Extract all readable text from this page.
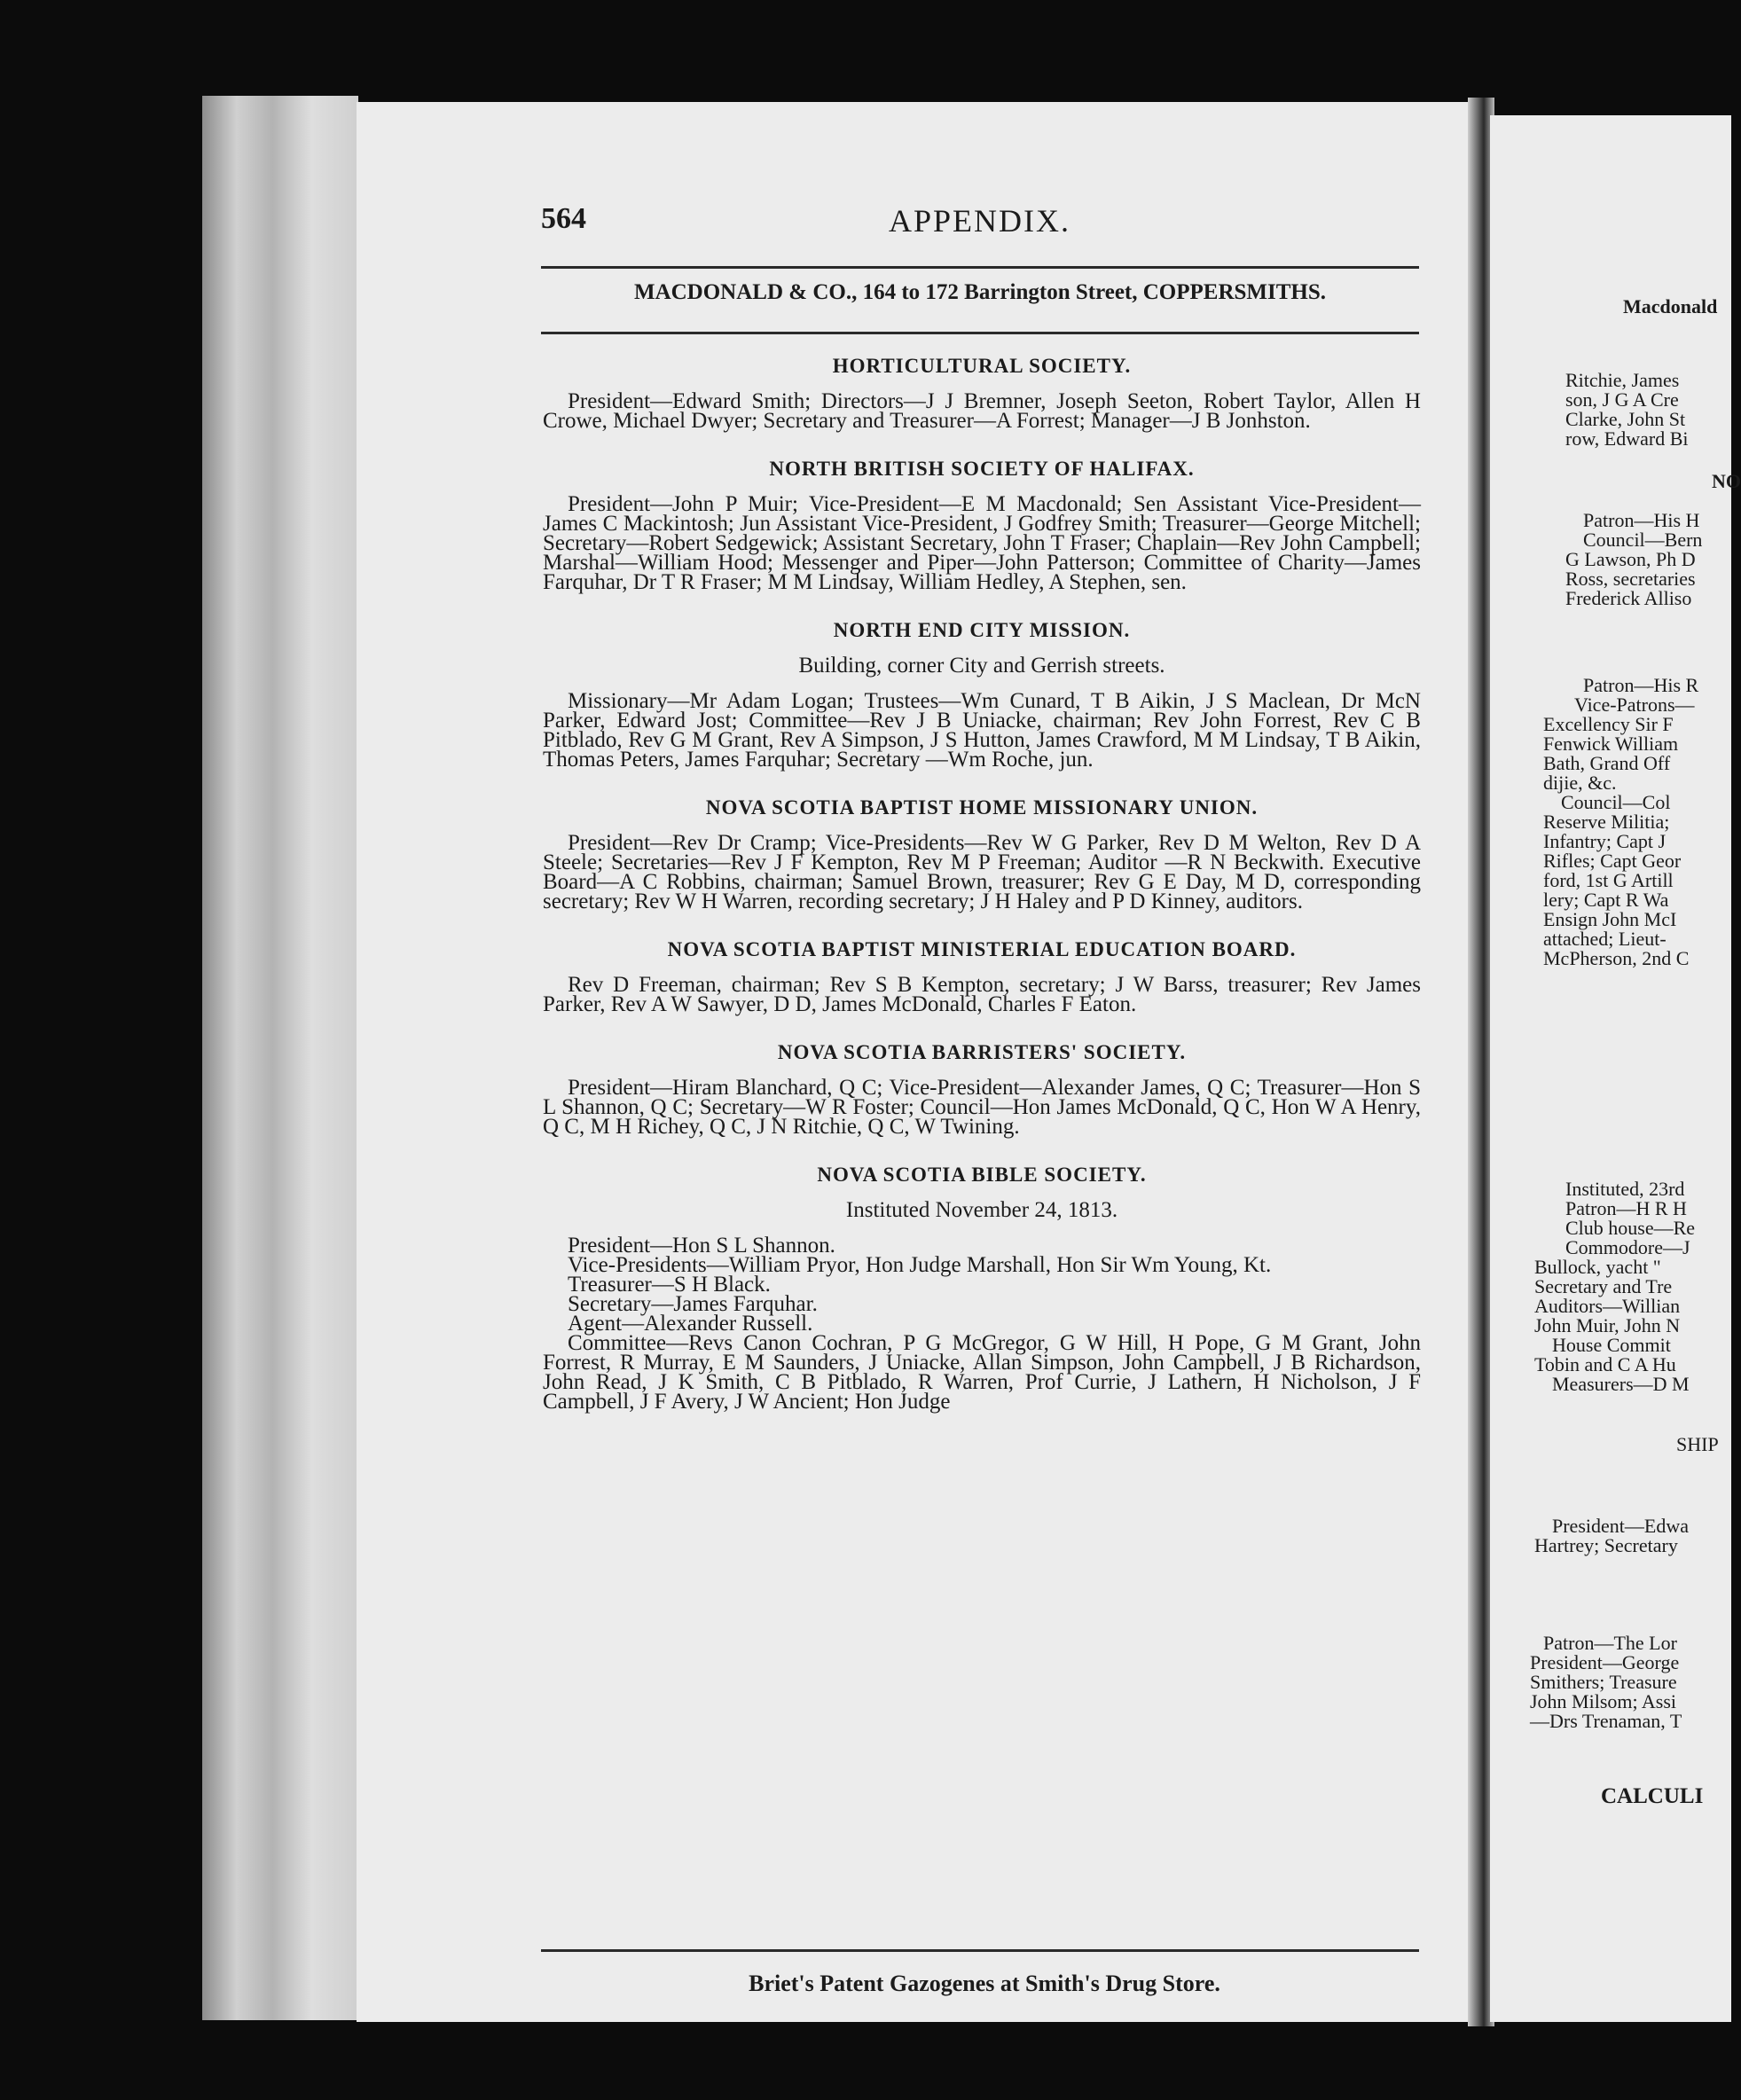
Macdonald
Ritchie, James
son, J G A Cre
Clarke, John St
row, Edward Bi
NO
Patron—His H
Council—Bern
G Lawson, Ph D
Ross, secretaries
Frederick Alliso
Patron—His R
Vice-Patrons—
Excellency Sir F
Fenwick William
Bath, Grand Off
dijie, &c.
Council—Col
Reserve Militia;
Infantry; Capt J
Rifles; Capt Geor
ford, 1st G Artill
lery; Capt R Wa
Ensign John McI
attached; Lieut-
McPherson, 2nd C
Instituted, 23rd
Patron—H R H
Club house—Re
Commodore—J
Bullock, yacht "
Secretary and Tre
Auditors—Willian
John Muir, John N
House Commit
Tobin and C A Hu
Measurers—D M
SHIP
President—Edwa
Hartrey; Secretary
Patron—The Lor
President—George
Smithers; Treasure
John Milsom; Assi
—Drs Trenaman, T
CALCULI
564	APPENDIX.
MACDONALD & CO., 164 to 172 Barrington Street, COPPERSMITHS.
HORTICULTURAL SOCIETY.
President—Edward Smith; Directors—J J Bremner, Joseph Seeton, Robert Taylor, Allen H Crowe, Michael Dwyer; Secretary and Treasurer—A Forrest; Manager—J B Jonhston.
NORTH BRITISH SOCIETY OF HALIFAX.
President—John P Muir; Vice-President—E M Macdonald; Sen Assistant Vice-President—James C Mackintosh; Jun Assistant Vice-President, J Godfrey Smith; Treasurer—George Mitchell; Secretary—Robert Sedgewick; Assistant Secretary, John T Fraser; Chaplain—Rev John Campbell; Marshal—William Hood; Messenger and Piper—John Patterson; Committee of Charity—James Farquhar, Dr T R Fraser; M M Lindsay, William Hedley, A Stephen, sen.
NORTH END CITY MISSION.
Building, corner City and Gerrish streets.
Missionary—Mr Adam Logan; Trustees—Wm Cunard, T B Aikin, J S Maclean, Dr McN Parker, Edward Jost; Committee—Rev J B Uniacke, chairman; Rev John Forrest, Rev C B Pitblado, Rev G M Grant, Rev A Simpson, J S Hutton, James Crawford, M M Lindsay, T B Aikin, Thomas Peters, James Farquhar; Secretary —Wm Roche, jun.
NOVA SCOTIA BAPTIST HOME MISSIONARY UNION.
President—Rev Dr Cramp; Vice-Presidents—Rev W G Parker, Rev D M Welton, Rev D A Steele; Secretaries—Rev J F Kempton, Rev M P Freeman; Auditor —R N Beckwith. Executive Board—A C Robbins, chairman; Samuel Brown, treasurer; Rev G E Day, M D, corresponding secretary; Rev W H Warren, recording secretary; J H Haley and P D Kinney, auditors.
NOVA SCOTIA BAPTIST MINISTERIAL EDUCATION BOARD.
Rev D Freeman, chairman; Rev S B Kempton, secretary; J W Barss, treasurer; Rev James Parker, Rev A W Sawyer, D D, James McDonald, Charles F Eaton.
NOVA SCOTIA BARRISTERS' SOCIETY.
President—Hiram Blanchard, Q C; Vice-President—Alexander James, Q C; Treasurer—Hon S L Shannon, Q C; Secretary—W R Foster; Council—Hon James McDonald, Q C, Hon W A Henry, Q C, M H Richey, Q C, J N Ritchie, Q C, W Twining.
NOVA SCOTIA BIBLE SOCIETY.
Instituted November 24, 1813.
President—Hon S L Shannon.
Vice-Presidents—William Pryor, Hon Judge Marshall, Hon Sir Wm Young, Kt.
Treasurer—S H Black.
Secretary—James Farquhar.
Agent—Alexander Russell.
Committee—Revs Canon Cochran, P G McGregor, G W Hill, H Pope, G M Grant, John Forrest, R Murray, E M Saunders, J Uniacke, Allan Simpson, John Campbell, J B Richardson, John Read, J K Smith, C B Pitblado, R Warren, Prof Currie, J Lathern, H Nicholson, J F Campbell, J F Avery, J W Ancient; Hon Judge
Briet's Patent Gazogenes at Smith's Drug Store.
